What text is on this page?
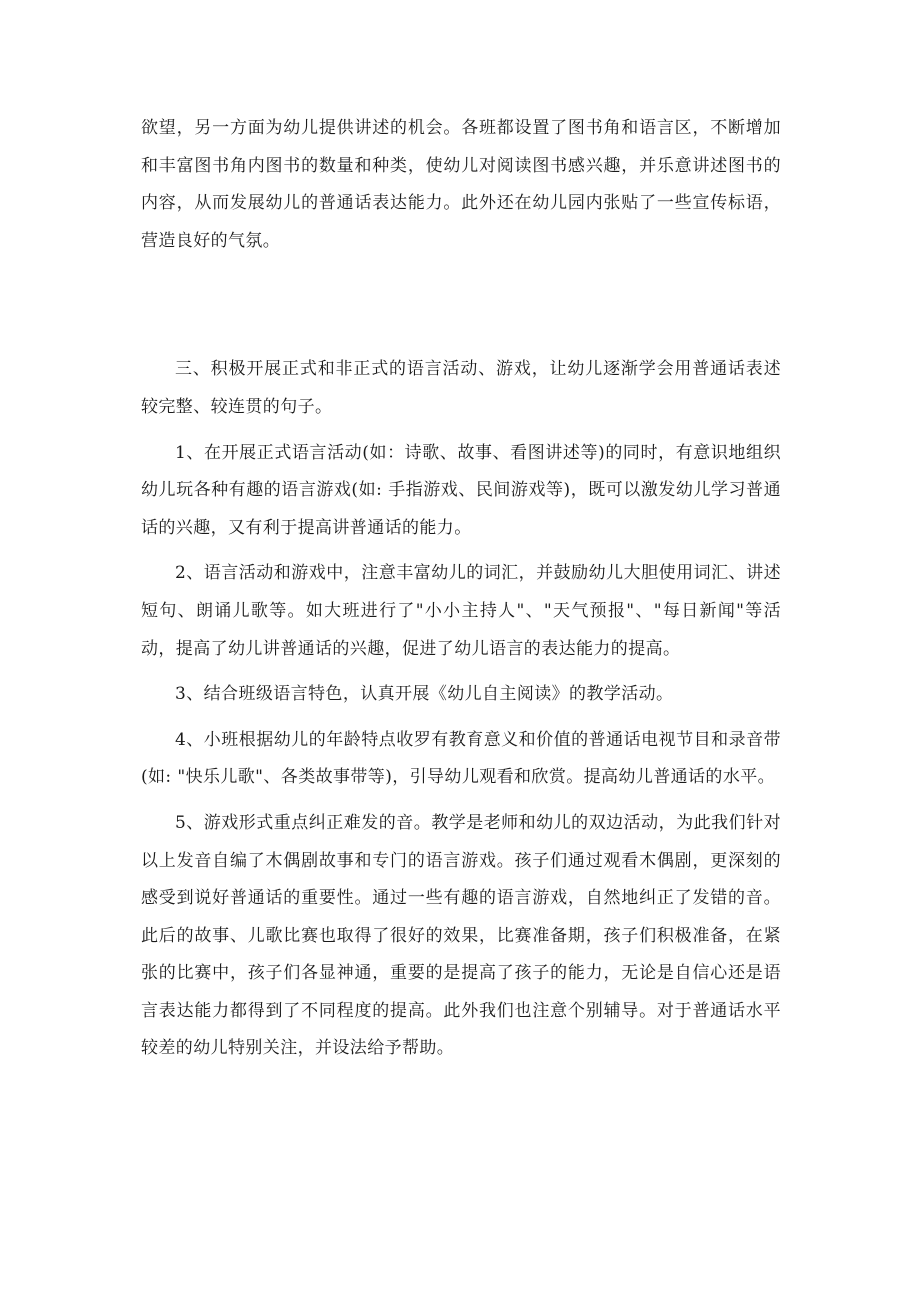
欲望，另一方面为幼儿提供讲述的机会。各班都设置了图书角和语言区，不断增加和丰富图书角内图书的数量和种类，使幼儿对阅读图书感兴趣，并乐意讲述图书的内容，从而发展幼儿的普通话表达能力。此外还在幼儿园内张贴了一些宣传标语，营造良好的气氛。

三、积极开展正式和非正式的语言活动、游戏，让幼儿逐渐学会用普通话表述较完整、较连贯的句子。

1、在开展正式语言活动(如：诗歌、故事、看图讲述等)的同时，有意识地组织幼儿玩各种有趣的语言游戏(如: 手指游戏、民间游戏等)，既可以激发幼儿学习普通话的兴趣，又有利于提高讲普通话的能力。

2、语言活动和游戏中，注意丰富幼儿的词汇，并鼓励幼儿大胆使用词汇、讲述短句、朗诵儿歌等。如大班进行了"小小主持人"、"天气预报"、"每日新闻"等活动，提高了幼儿讲普通话的兴趣，促进了幼儿语言的表达能力的提高。

3、结合班级语言特色，认真开展《幼儿自主阅读》的教学活动。

4、小班根据幼儿的年龄特点收罗有教育意义和价值的普通话电视节目和录音带(如: "快乐儿歌"、各类故事带等)，引导幼儿观看和欣赏。提高幼儿普通话的水平。

5、游戏形式重点纠正难发的音。教学是老师和幼儿的双边活动，为此我们针对以上发音自编了木偶剧故事和专门的语言游戏。孩子们通过观看木偶剧，更深刻的感受到说好普通话的重要性。通过一些有趣的语言游戏，自然地纠正了发错的音。此后的故事、儿歌比赛也取得了很好的效果，比赛准备期，孩子们积极准备，在紧张的比赛中，孩子们各显神通，重要的是提高了孩子的能力，无论是自信心还是语言表达能力都得到了不同程度的提高。此外我们也注意个别辅导。对于普通话水平较差的幼儿特别关注，并设法给予帮助。
